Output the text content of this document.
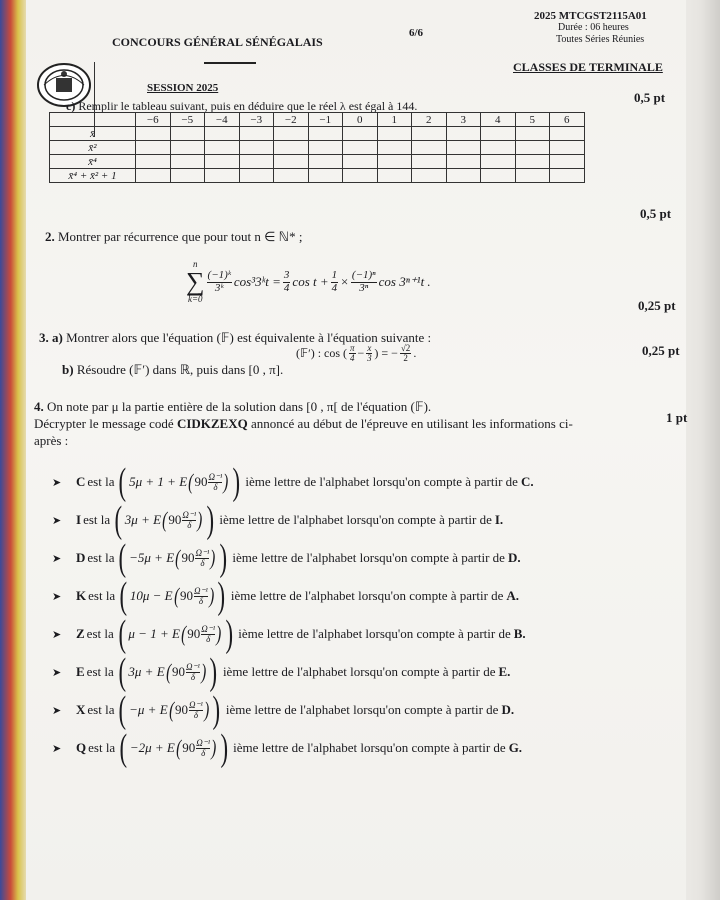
CONCOURS GÉNÉRAL SÉNÉGALAIS
6/6
2025 MTCGST2115A01
Durée : 06 heures
Toutes Séries Réunies
SESSION 2025
CLASSES DE TERMINALE
0,5 pt
c) Remplir le tableau suivant, puis en déduire que le réel λ est égal à 144.
	−6	−5	−4	−3	−2	−1	0	1	2	3	4	5	6
x̄													
x̄²													
x̄⁴													
x̄⁴ + x̄² + 1													
0,5 pt
2. Montrer par récurrence que pour tout n ∈ ℕ* ;
n
∑
k=0
$\frac{\text{(−1)ᵏ}}{\text{3ᵏ}}$ cos³3ᵏt = $\frac{3}{4}$ $\cos t + \frac{1}{4} \times \frac{\text{(−1)ⁿ}}{\text{3ⁿ}}$ cos 3ⁿ⁺¹t .
0,25 pt
3. a) Montrer alors que l'équation (𝔽) est équivalente à l'équation suivante :
(𝔽′) : cos ( $\frac{\pi}{4} - \frac{x}{3}$ ) = − $\frac{√2}{2}$ .	0,25 pt
b) Résoudre (𝔽′) dans ℝ, puis dans [0 , π].
4. On note par μ la partie entière de la solution dans [0 , π[ de l'équation (𝔽).
Décrypter le message codé CIDKZEXQ annoncé au début de l'épreuve en utilisant les informations ci-	1 pt
après :
➤	C est la ( 5μ + 1 + E ( $90 \frac{\text{Ω⁻¹}}{\delta}$ ) ) ième lettre de l'alphabet lorsqu'on compte à partir de C.
➤	I est la ( 3μ + E ( $90 \frac{\text{Ω⁻¹}}{\delta}$ ) ) ième lettre de l'alphabet lorsqu'on compte à partir de I.
➤	D est la ( −5μ + E ( $90 \frac{\text{Ω⁻¹}}{\delta}$ ) ) ième lettre de l'alphabet lorsqu'on compte à partir de D.
➤	K est la ( 10μ − E ( $90 \frac{\text{Ω⁻¹}}{\delta}$ ) ) ième lettre de l'alphabet lorsqu'on compte à partir de A.
➤	Z est la ( μ − 1 + E ( $90 \frac{\text{Ω⁻¹}}{\delta}$ ) ) ième lettre de l'alphabet lorsqu'on compte à partir de B.
➤	E est la ( 3μ + E ( $90 \frac{\text{Ω⁻¹}}{\delta}$ ) ) ième lettre de l'alphabet lorsqu'on compte à partir de E.
➤	X est la ( −μ + E ( $90 \frac{\text{Ω⁻¹}}{\delta}$ ) ) ième lettre de l'alphabet lorsqu'on compte à partir de D.
➤	Q est la ( −2μ + E ( $90 \frac{\text{Ω⁻¹}}{\delta}$ ) ) ième lettre de l'alphabet lorsqu'on compte à partir de G.
